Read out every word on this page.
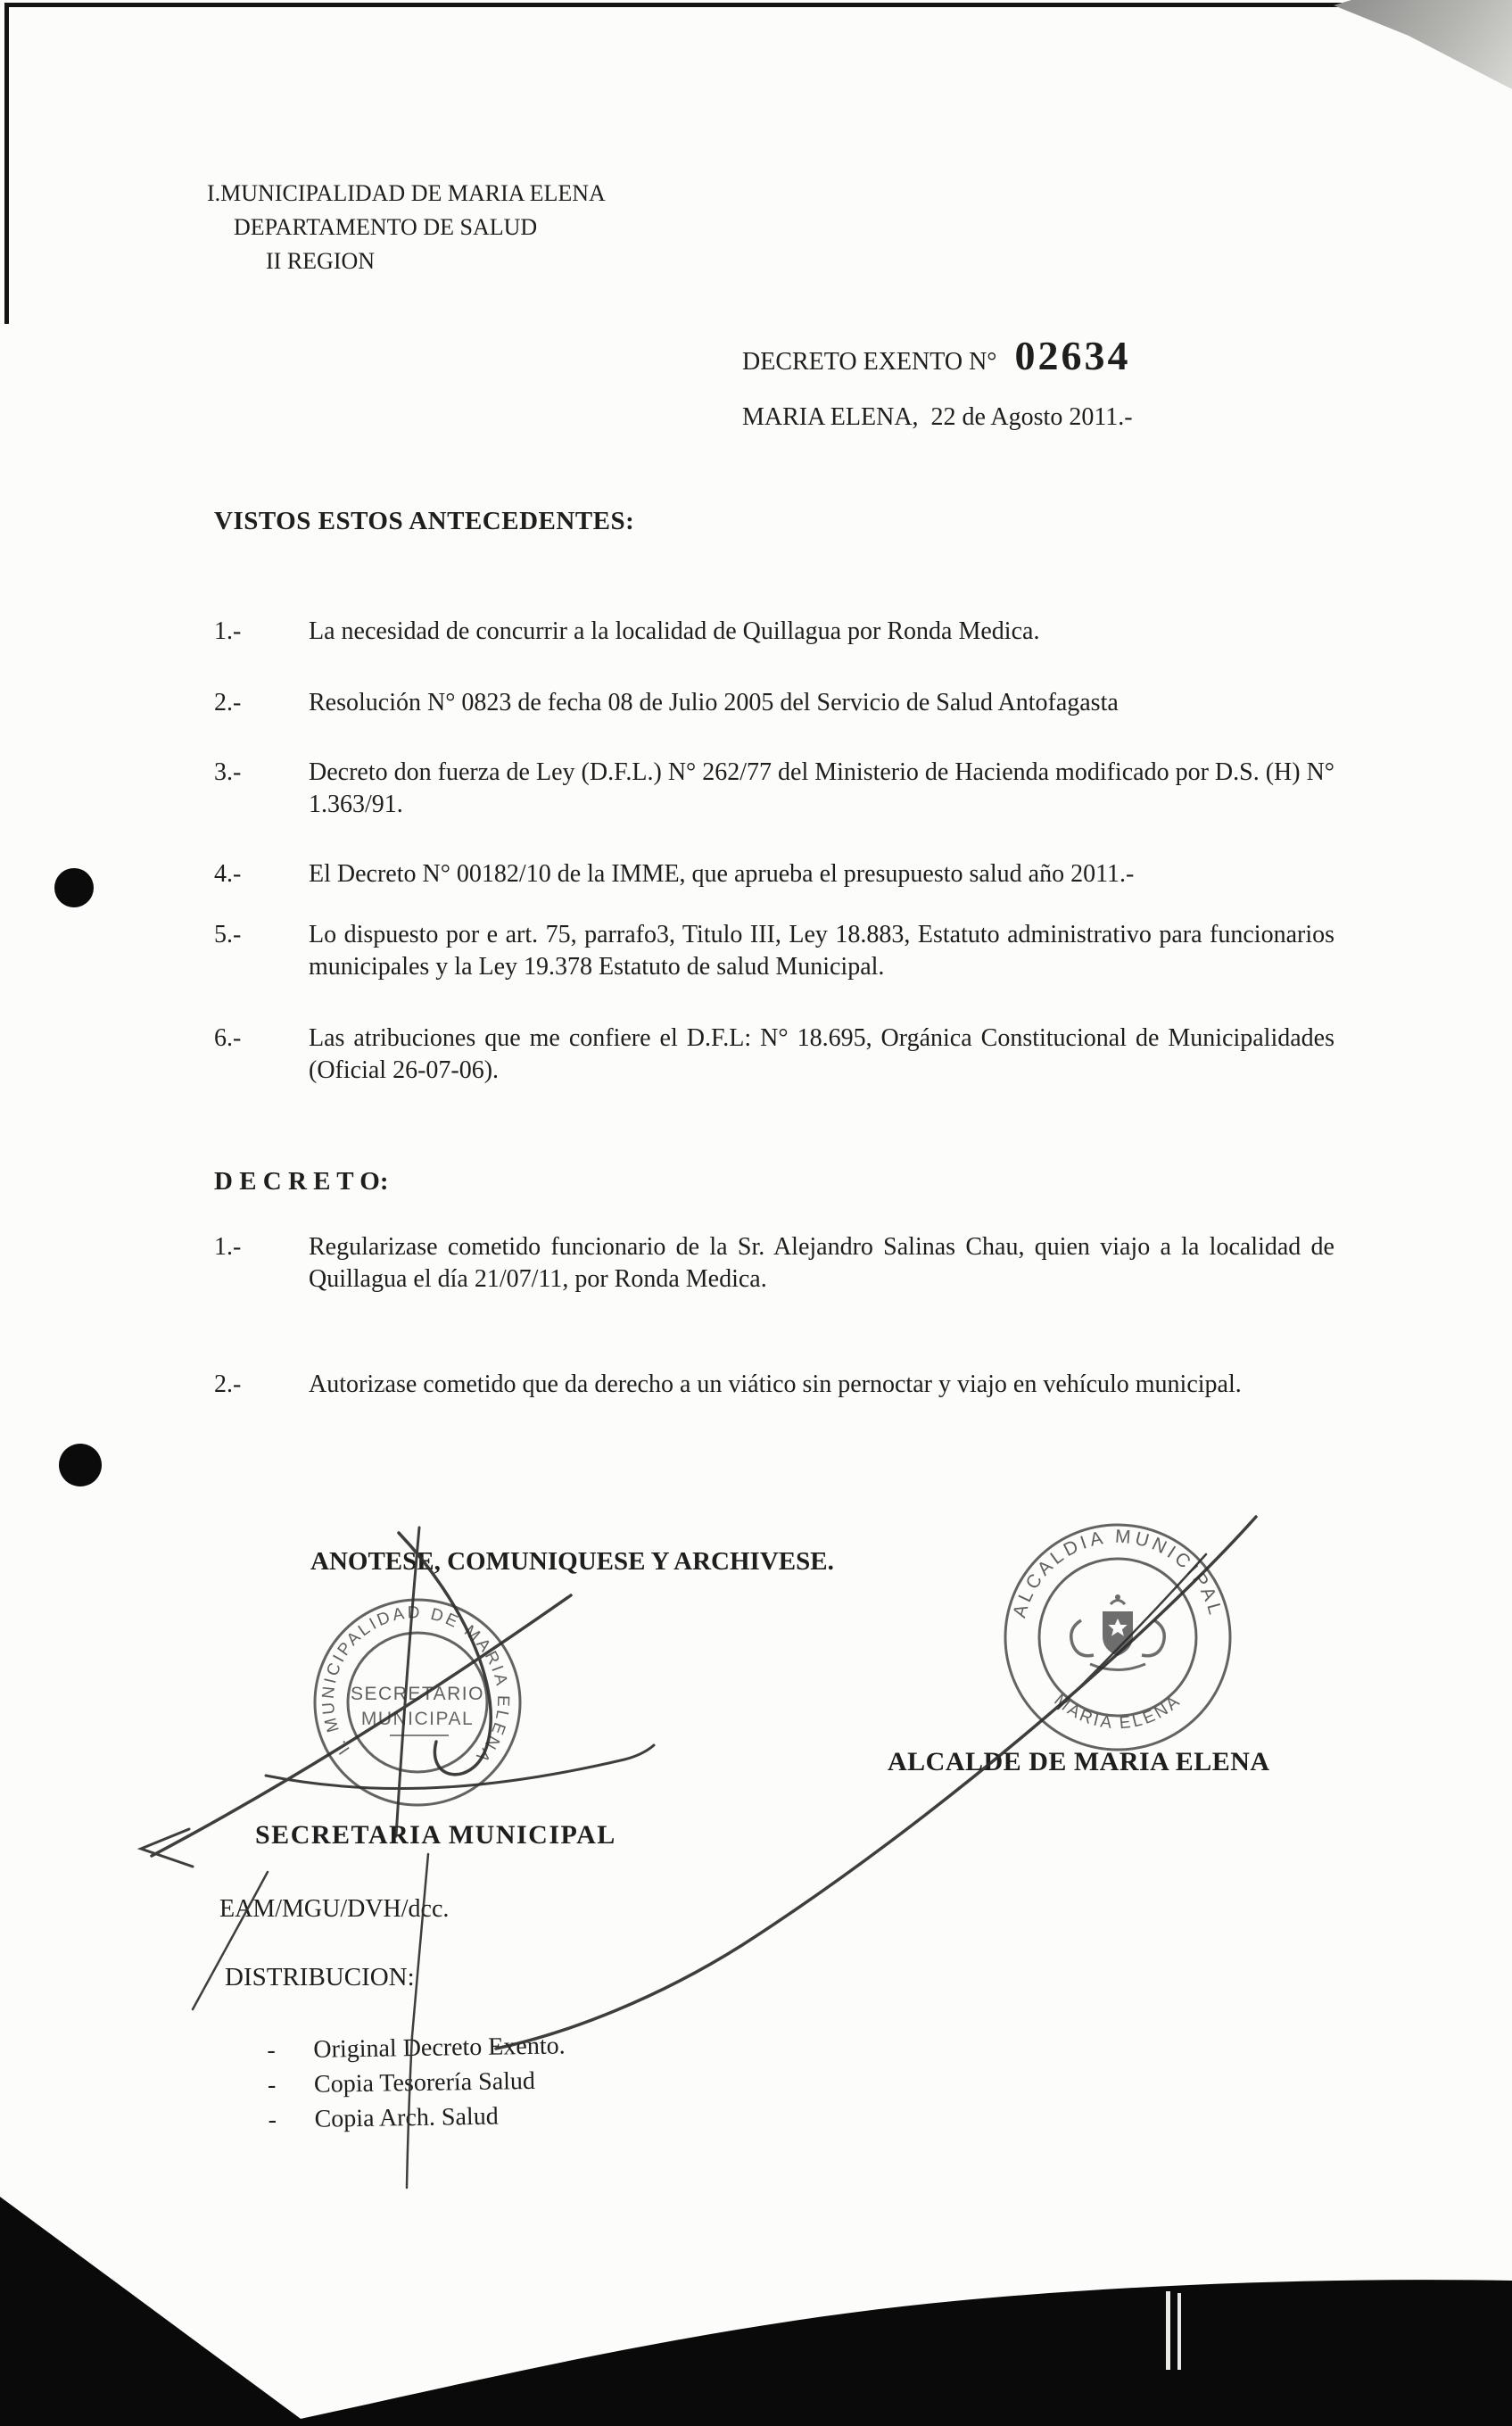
I.MUNICIPALIDAD DE MARIA ELENA
DEPARTAMENTO DE SALUD
II REGION
DECRETO EXENTO N° 02634
MARIA ELENA,  22 de Agosto 2011.-
VISTOS ESTOS ANTECEDENTES:
1.-	La necesidad de concurrir a la localidad de Quillagua por Ronda Medica.
2.-	Resolución N° 0823 de fecha 08 de Julio 2005 del Servicio de Salud Antofagasta
3.-	Decreto don fuerza de Ley (D.F.L.) N° 262/77 del Ministerio de Hacienda modificado por D.S. (H) N° 1.363/91.
4.-	El Decreto N° 00182/10 de la IMME, que aprueba el presupuesto salud año 2011.-
5.-	Lo dispuesto por e art. 75, parrafo3, Titulo III, Ley 18.883, Estatuto administrativo para funcionarios municipales y la Ley 19.378 Estatuto de salud Municipal.
6.-	Las atribuciones que me confiere el D.F.L: N° 18.695, Orgánica Constitucional de Municipalidades (Oficial 26-07-06).
D E C R E T O:
1.-	Regularizase cometido funcionario de la Sr. Alejandro Salinas Chau, quien viajo a la localidad de Quillagua el día 21/07/11, por Ronda Medica.
2.-	Autorizase cometido que da derecho a un viático sin pernoctar y viajo en vehículo municipal.
ANOTESE, COMUNIQUESE Y ARCHIVESE.
I. MUNICIPALIDAD DE MARIA ELENA
SECRETARIO
MUNICIPAL
ALCALDIA MUNICIPAL
MARIA ELENA
ALCALDE DE MARIA ELENA
SECRETARIA MUNICIPAL
EAM/MGU/DVH/dcc.
DISTRIBUCION:
-	Original Decreto Exento.
-	Copia Tesorería Salud
-	Copia Arch. Salud
